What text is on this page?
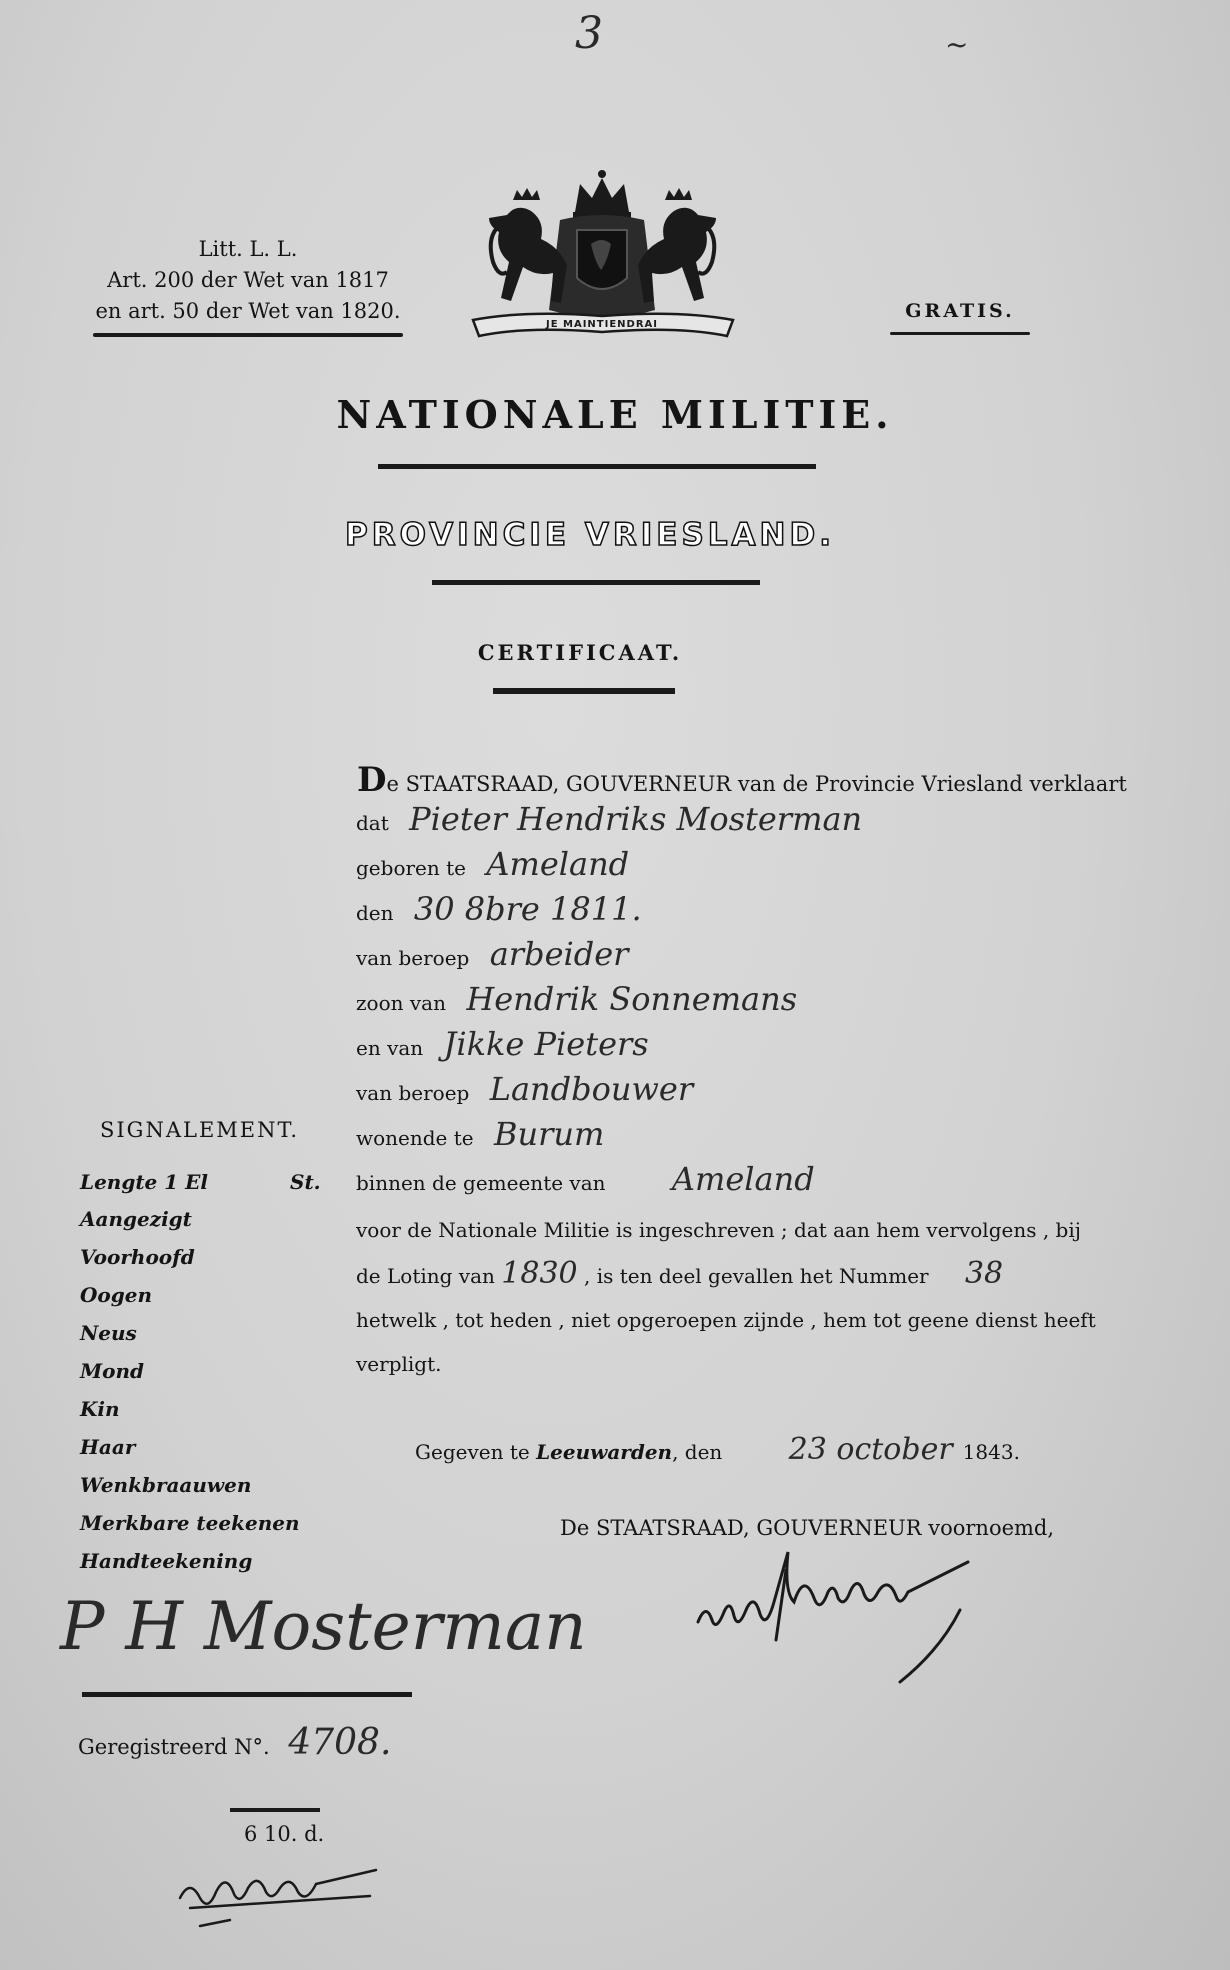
3	~
Litt. L. L.
Art. 200 der Wet van 1817
en art. 50 der Wet van 1820.
JE MAINTIENDRAI
GRATIS.
NATIONALE MILITIE.
PROVINCIE VRIESLAND.
CERTIFICAAT.
De STAATSRAAD, GOUVERNEUR van de Provincie Vriesland verklaart
dat Pieter Hendriks Mosterman
geboren te Ameland
den 30 8bre 1811.
van beroep arbeider
zoon van Hendrik Sonnemans
en van Jikke Pieters
van beroep Landbouwer
wonende te Burum
binnen de gemeente van Ameland
SIGNALEMENT.
Lengte 1 El	St.
Aangezigt
Voorhoofd
Oogen
Neus
Mond
Kin
Haar
Wenkbraauwen
Merkbare teekenen
Handteekening
voor de Nationale Militie is ingeschreven ; dat aan hem vervolgens , bij
de Loting van 1830 , is ten deel gevallen het Nummer 38
hetwelk , tot heden , niet opgeroepen zijnde , hem tot geene dienst heeft
verpligt.
Gegeven te Leeuwarden, den 23 october 1843.
De STAATSRAAD, GOUVERNEUR voornoemd,
P H Mosterman
Geregistreerd N°. 4708.
6 10. d.
